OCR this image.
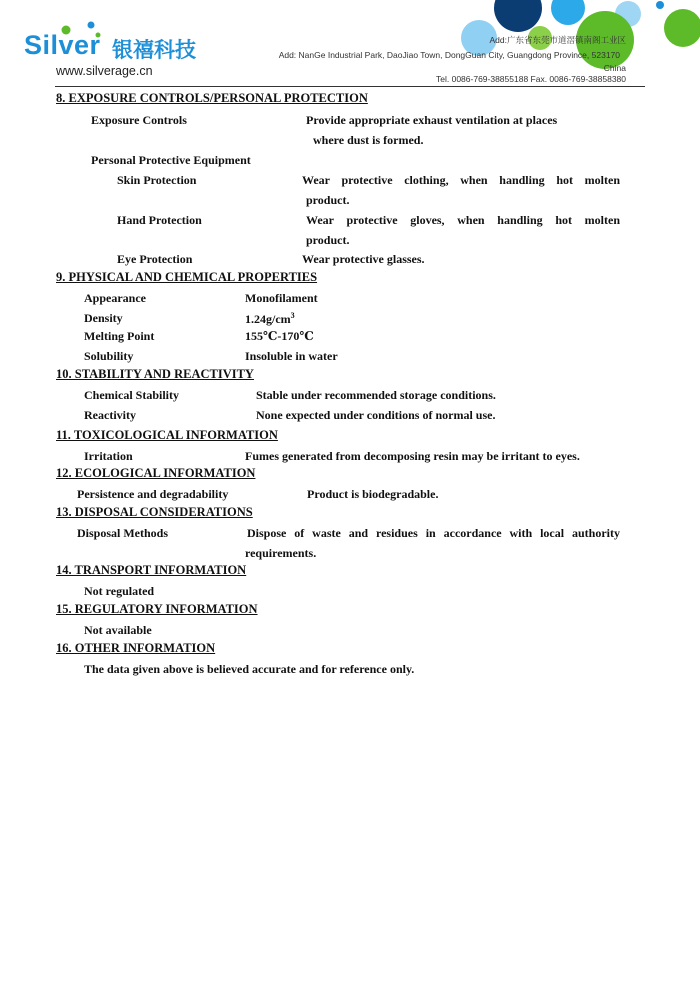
Silver 银禧科技
www.silverage.cn
Add:广东省东莞市道滘镇南阁工业区
Add: NanGe Industrial Park, DaoJiao Town, DongGuan City, Guangdong Province, 523170
China
Tel. 0086-769-38855188 Fax. 0086-769-38858380
8. EXPOSURE CONTROLS/PERSONAL PROTECTION
Exposure Controls	Provide appropriate exhaust ventilation at places
where dust is formed.
Personal Protective Equipment
Skin Protection	Wear protective clothing, when handling hot molten
product.
Hand Protection	Wear protective gloves, when handling hot molten
product.
Eye Protection	Wear protective glasses.
9. PHYSICAL AND CHEMICAL PROPERTIES
Appearance	Monofilament
Density	$1.24g/cm^3$
Melting Point	155℃-170℃
Solubility	Insoluble in water
10. STABILITY AND REACTIVITY
Chemical Stability	Stable under recommended storage conditions.
Reactivity	None expected under conditions of normal use.
11. TOXICOLOGICAL INFORMATION
Irritation	Fumes generated from decomposing resin may be irritant to eyes.
12. ECOLOGICAL INFORMATION
Persistence and degradability	Product is biodegradable.
13. DISPOSAL CONSIDERATIONS
Disposal Methods	Dispose of waste and residues in accordance with local authority
requirements.
14. TRANSPORT INFORMATION
Not regulated
15. REGULATORY INFORMATION
Not available
16. OTHER INFORMATION
The data given above is believed accurate and for reference only.
